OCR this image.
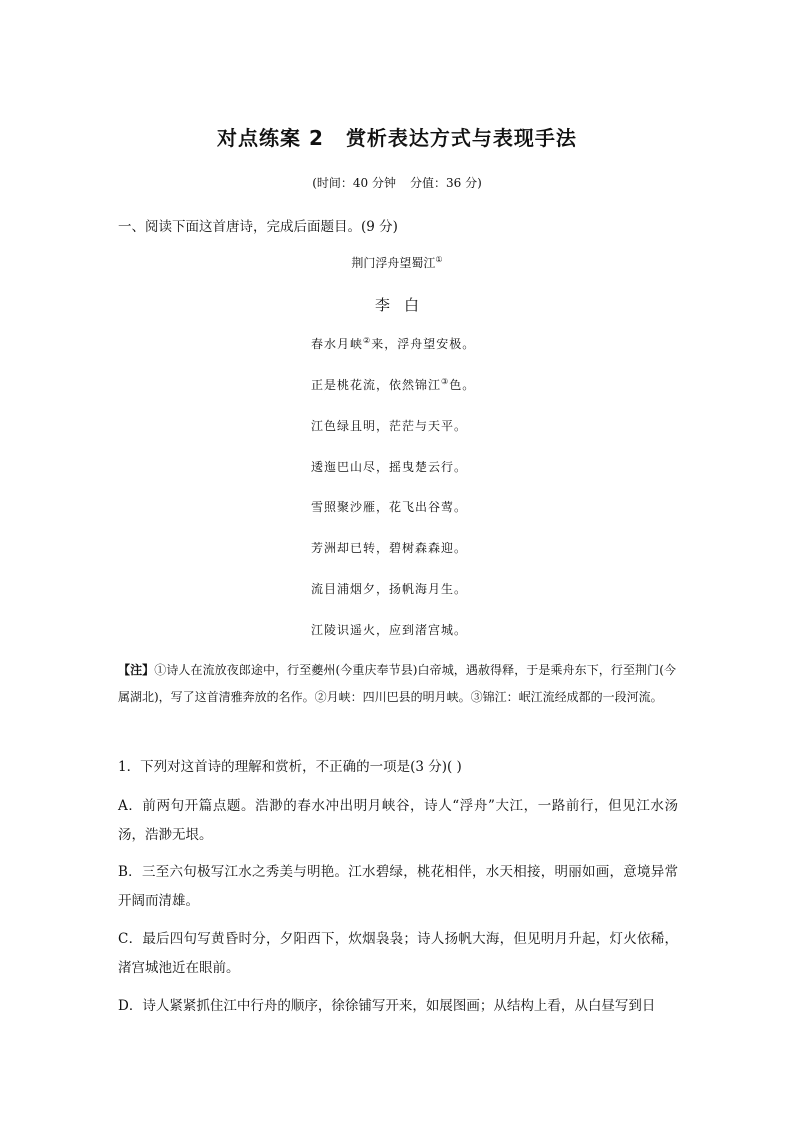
对点练案 2 赏析表达方式与表现手法
(时间：40 分钟 分值：36 分)
一、阅读下面这首唐诗，完成后面题目。(9 分)
荆门浮舟望蜀江①
李 白
春水月峡②来，浮舟望安极。
正是桃花流，依然锦江③色。
江色绿且明，茫茫与天平。
逶迤巴山尽，摇曳楚云行。
雪照聚沙雁，花飞出谷莺。
芳洲却已转，碧树森森迎。
流目浦烟夕，扬帆海月生。
江陵识遥火，应到渚宫城。
【注】①诗人在流放夜郎途中，行至夔州(今重庆奉节县)白帝城，遇赦得释，于是乘舟东下，行至荆门(今属湖北)，写了这首清雅奔放的名作。②月峡：四川巴县的明月峡。③锦江：岷江流经成都的一段河流。
1．下列对这首诗的理解和赏析，不正确的一项是(3 分)( )
A．前两句开篇点题。浩渺的春水冲出明月峡谷，诗人“浮舟”大江，一路前行，但见江水汤汤，浩渺无垠。
B．三至六句极写江水之秀美与明艳。江水碧绿，桃花相伴，水天相接，明丽如画，意境异常开阔而清雄。
C．最后四句写黄昏时分，夕阳西下，炊烟袅袅；诗人扬帆大海，但见明月升起，灯火依稀，渚宫城池近在眼前。
D．诗人紧紧抓住江中行舟的顺序，徐徐铺写开来，如展图画；从结构上看，从白昼写到日
